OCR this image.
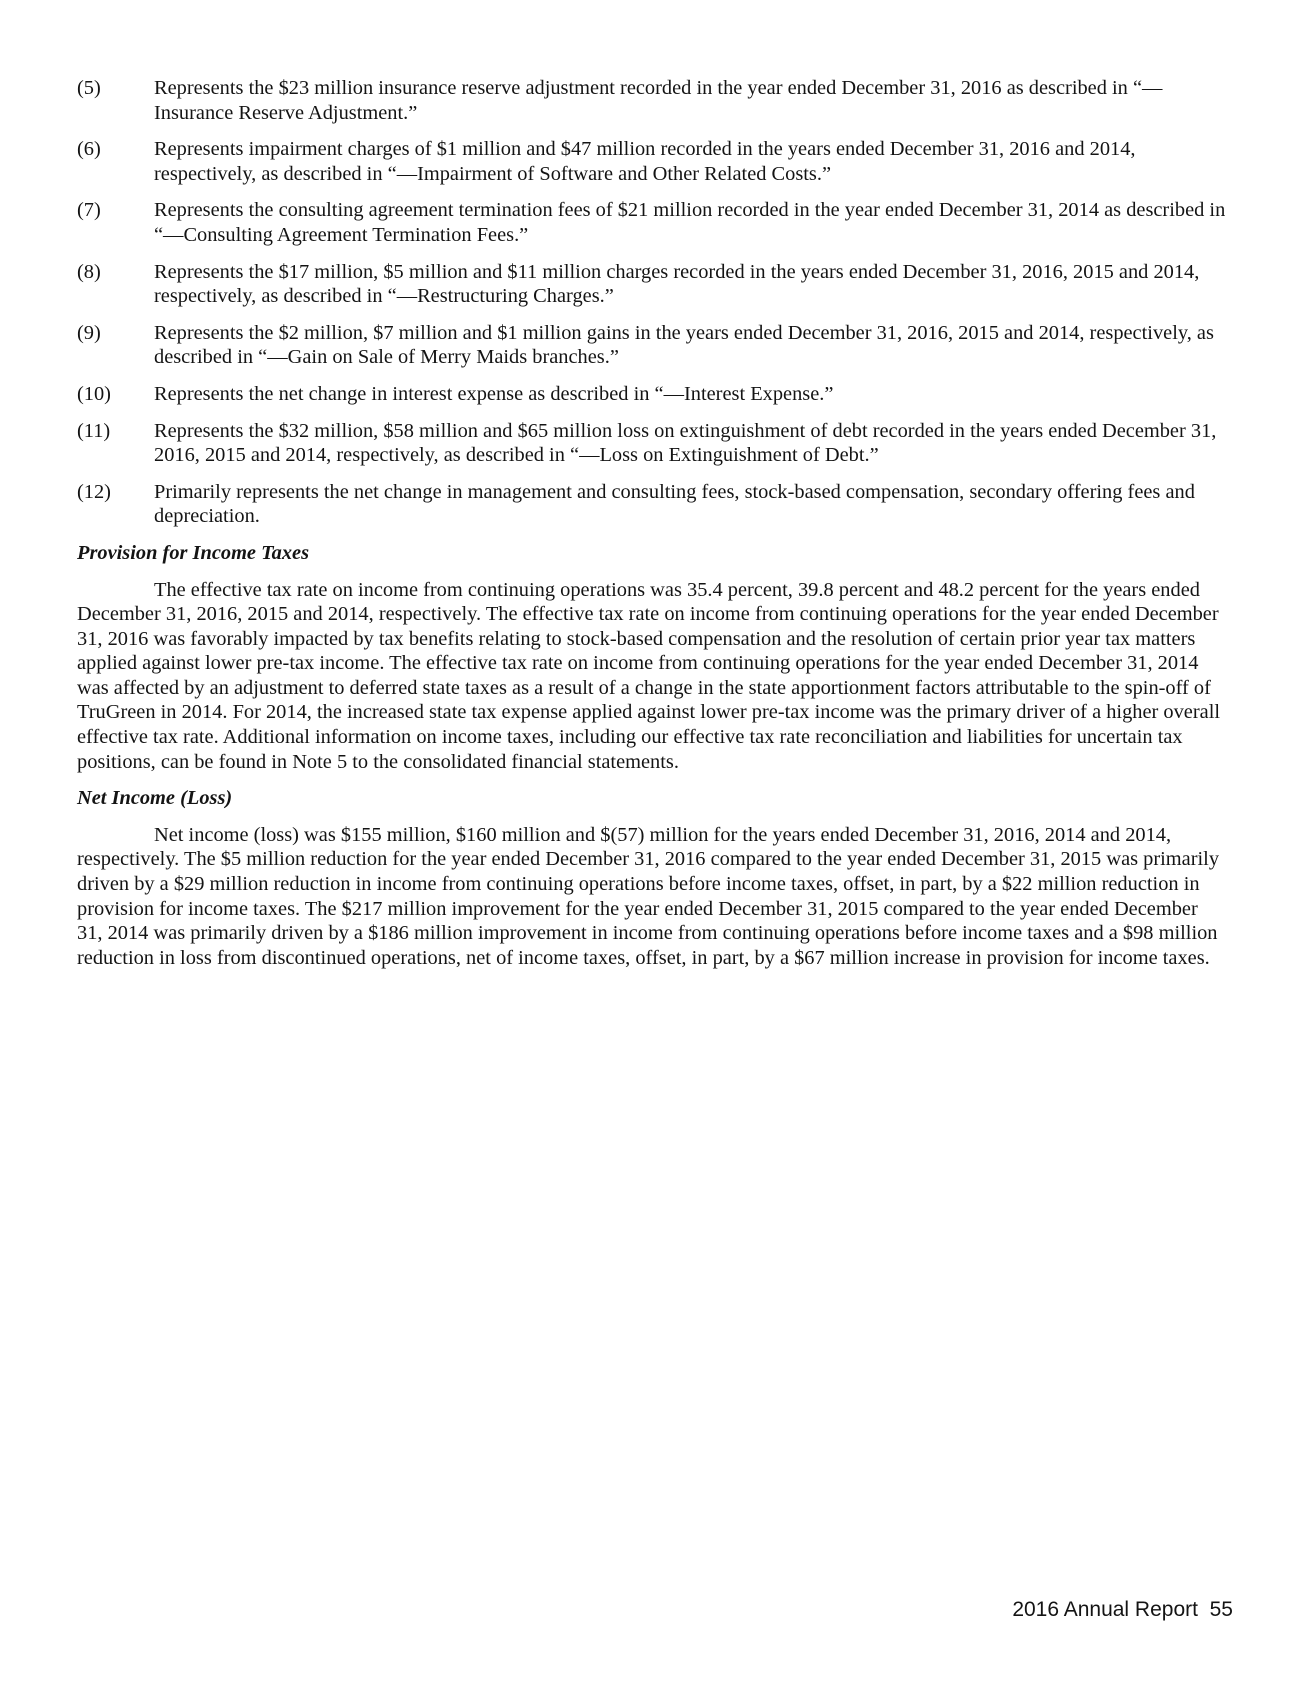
(5)	Represents the $23 million insurance reserve adjustment recorded in the year ended December 31, 2016 as described in “—Insurance Reserve Adjustment.”
(6)	Represents impairment charges of $1 million and $47 million recorded in the years ended December 31, 2016 and 2014, respectively, as described in “—Impairment of Software and Other Related Costs.”
(7)	Represents the consulting agreement termination fees of $21 million recorded in the year ended December 31, 2014 as described in “—Consulting Agreement Termination Fees.”
(8)	Represents the $17 million, $5 million and $11 million charges recorded in the years ended December 31, 2016, 2015 and 2014, respectively, as described in “—Restructuring Charges.”
(9)	Represents the $2 million, $7 million and $1 million gains in the years ended December 31, 2016, 2015 and 2014, respectively, as described in “—Gain on Sale of Merry Maids branches.”
(10)	Represents the net change in interest expense as described in “—Interest Expense.”
(11)	Represents the $32 million, $58 million and $65 million loss on extinguishment of debt recorded in the years ended December 31, 2016, 2015 and 2014, respectively, as described in “—Loss on Extinguishment of Debt.”
(12)	Primarily represents the net change in management and consulting fees, stock-based compensation, secondary offering fees and depreciation.
Provision for Income Taxes

The effective tax rate on income from continuing operations was 35.4 percent, 39.8 percent and 48.2 percent for the years ended December 31, 2016, 2015 and 2014, respectively. The effective tax rate on income from continuing operations for the year ended December 31, 2016 was favorably impacted by tax benefits relating to stock-based compensation and the resolution of certain prior year tax matters applied against lower pre-tax income. The effective tax rate on income from continuing operations for the year ended December 31, 2014 was affected by an adjustment to deferred state taxes as a result of a change in the state apportionment factors attributable to the spin-off of TruGreen in 2014. For 2014, the increased state tax expense applied against lower pre-tax income was the primary driver of a higher overall effective tax rate. Additional information on income taxes, including our effective tax rate reconciliation and liabilities for uncertain tax positions, can be found in Note 5 to the consolidated financial statements.

Net Income (Loss)

Net income (loss) was $155 million, $160 million and $(57) million for the years ended December 31, 2016, 2014 and 2014, respectively. The $5 million reduction for the year ended December 31, 2016 compared to the year ended December 31, 2015 was primarily driven by a $29 million reduction in income from continuing operations before income taxes, offset, in part, by a $22 million reduction in provision for income taxes. The $217 million improvement for the year ended December 31, 2015 compared to the year ended December 31, 2014 was primarily driven by a $186 million improvement in income from continuing operations before income taxes and a $98 million reduction in loss from discontinued operations, net of income taxes, offset, in part, by a $67 million increase in provision for income taxes.

2016 Annual Report  55
